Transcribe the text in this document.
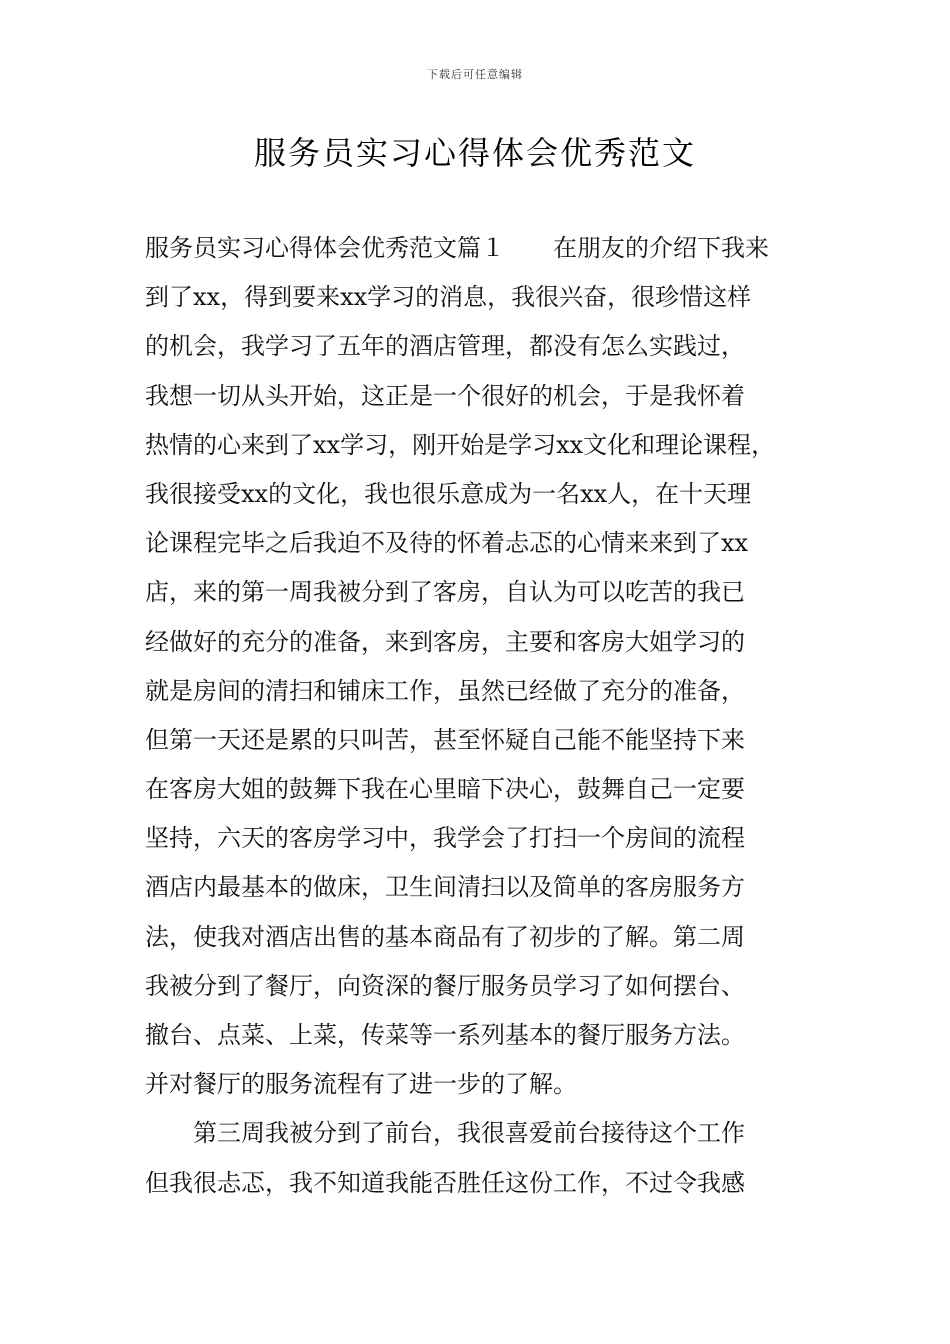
下载后可任意编辑
服务员实习心得体会优秀范文
服务员实习心得体会优秀范文篇１　　在朋友的介绍下我来
到了xx，得到要来xx学习的消息，我很兴奋，很珍惜这样
的机会，我学习了五年的酒店管理，都没有怎么实践过，
我想一切从头开始，这正是一个很好的机会，于是我怀着
热情的心来到了xx学习，刚开始是学习xx文化和理论课程，
我很接受xx的文化，我也很乐意成为一名xx人，在十天理
论课程完毕之后我迫不及待的怀着忐忑的心情来来到了xx
店，来的第一周我被分到了客房，自认为可以吃苦的我已
经做好的充分的准备，来到客房，主要和客房大姐学习的
就是房间的清扫和铺床工作，虽然已经做了充分的准备，
但第一天还是累的只叫苦，甚至怀疑自己能不能坚持下来
在客房大姐的鼓舞下我在心里暗下决心，鼓舞自己一定要
坚持，六天的客房学习中，我学会了打扫一个房间的流程
酒店内最基本的做床，卫生间清扫以及简单的客房服务方
法，使我对酒店出售的基本商品有了初步的了解。第二周
我被分到了餐厅，向资深的餐厅服务员学习了如何摆台、
撤台、点菜、上菜，传菜等一系列基本的餐厅服务方法。
并对餐厅的服务流程有了进一步的了解。
　　第三周我被分到了前台，我很喜爱前台接待这个工作
但我很忐忑，我不知道我能否胜任这份工作，不过令我感
